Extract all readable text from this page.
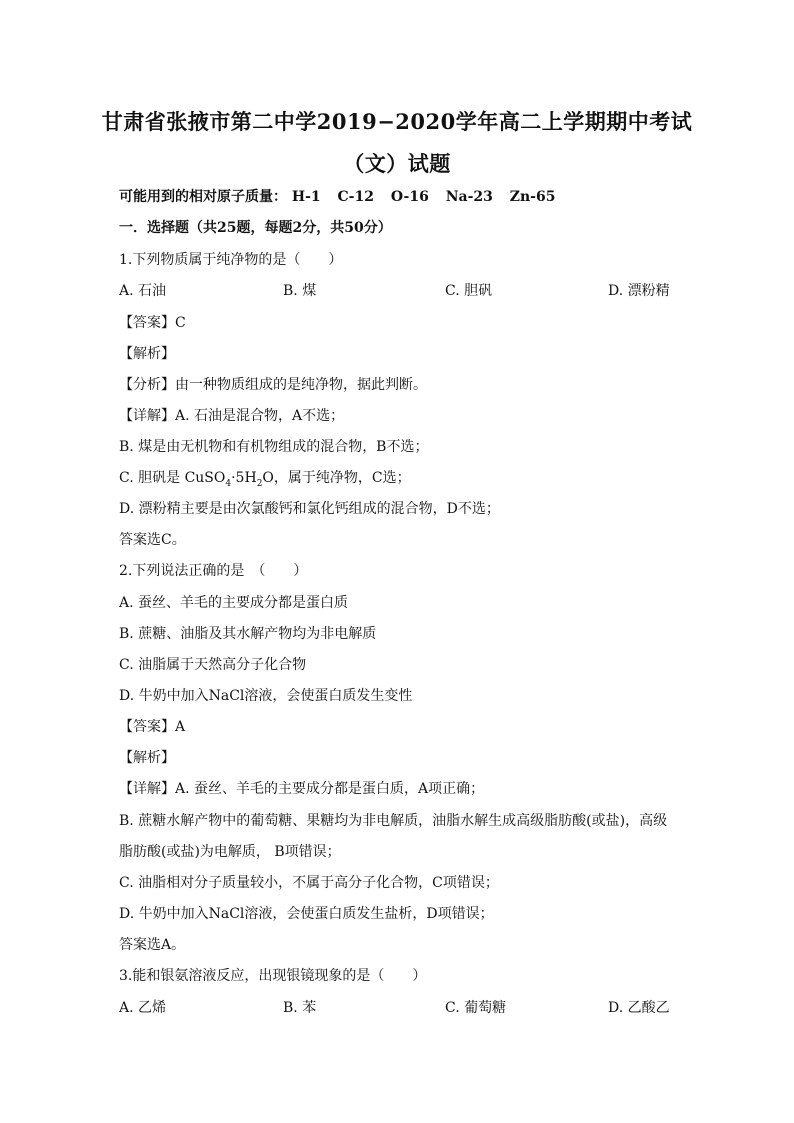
甘肃省张掖市第二中学2019−2020学年高二上学期期中考试
（文）试题
可能用到的相对原子质量： H-1 C-12 O-16 Na-23 Zn-65
一．选择题（共25题，每题2分，共50分）
1.下列物质属于纯净物的是（　　）
A. 石油	B. 煤	C. 胆矾	D. 漂粉精
【答案】C
【解析】
【分析】由一种物质组成的是纯净物，据此判断。
【详解】A. 石油是混合物，A不选；
B. 煤是由无机物和有机物组成的混合物，B不选；
C. 胆矾是 $CuSO_4\cdot 5H_2O$，属于纯净物，C选；
D. 漂粉精主要是由次氯酸钙和氯化钙组成的混合物，D不选；
答案选C。
2.下列说法正确的是　（　　）
A. 蚕丝、羊毛的主要成分都是蛋白质
B. 蔗糖、油脂及其水解产物均为非电解质
C. 油脂属于天然高分子化合物
D. 牛奶中加入NaCl溶液，会使蛋白质发生变性
【答案】A
【解析】
【详解】A. 蚕丝、羊毛的主要成分都是蛋白质，A项正确；
B. 蔗糖水解产物中的葡萄糖、果糖均为非电解质，油脂水解生成高级脂肪酸(或盐)，高级
脂肪酸(或盐)为电解质， B项错误；
C. 油脂相对分子质量较小，不属于高分子化合物，C项错误；
D. 牛奶中加入NaCl溶液，会使蛋白质发生盐析，D项错误；
答案选A。
3.能和银氨溶液反应，出现银镜现象的是（　　）
A. 乙烯	B. 苯	C. 葡萄糖	D. 乙酸乙
